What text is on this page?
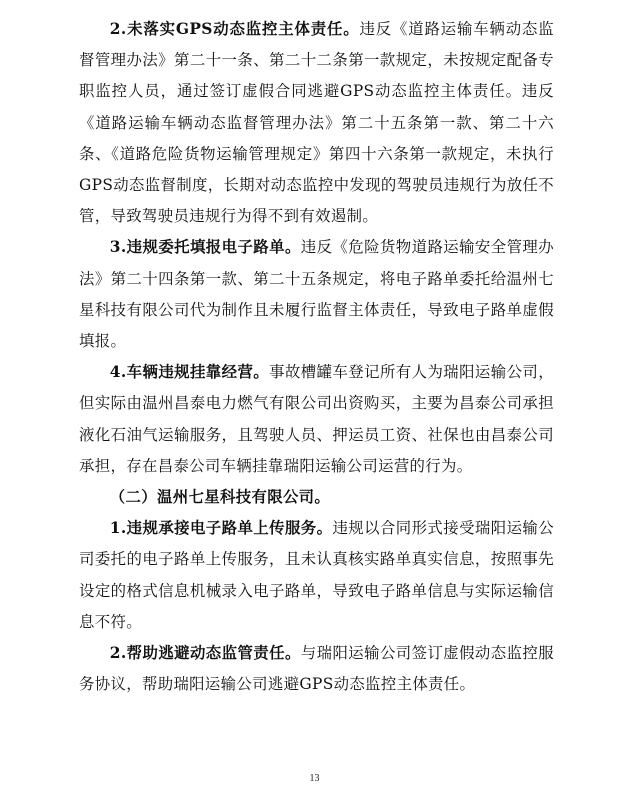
2.未落实GPS动态监控主体责任。违反《道路运输车辆动态监督管理办法》第二十一条、第二十二条第一款规定，未按规定配备专职监控人员，通过签订虚假合同逃避GPS动态监控主体责任。违反《道路运输车辆动态监督管理办法》第二十五条第一款、第二十六条、《道路危险货物运输管理规定》第四十六条第一款规定，未执行GPS动态监督制度，长期对动态监控中发现的驾驶员违规行为放任不管，导致驾驶员违规行为得不到有效遏制。

3.违规委托填报电子路单。违反《危险货物道路运输安全管理办法》第二十四条第一款、第二十五条规定，将电子路单委托给温州七星科技有限公司代为制作且未履行监督主体责任，导致电子路单虚假填报。

4.车辆违规挂靠经营。事故槽罐车登记所有人为瑞阳运输公司，但实际由温州昌泰电力燃气有限公司出资购买，主要为昌泰公司承担液化石油气运输服务，且驾驶人员、押运员工资、社保也由昌泰公司承担，存在昌泰公司车辆挂靠瑞阳运输公司运营的行为。

（二）温州七星科技有限公司。

1.违规承接电子路单上传服务。违规以合同形式接受瑞阳运输公司委托的电子路单上传服务，且未认真核实路单真实信息，按照事先设定的格式信息机械录入电子路单，导致电子路单信息与实际运输信息不符。

2.帮助逃避动态监管责任。与瑞阳运输公司签订虚假动态监控服务协议，帮助瑞阳运输公司逃避GPS动态监控主体责任。

13
